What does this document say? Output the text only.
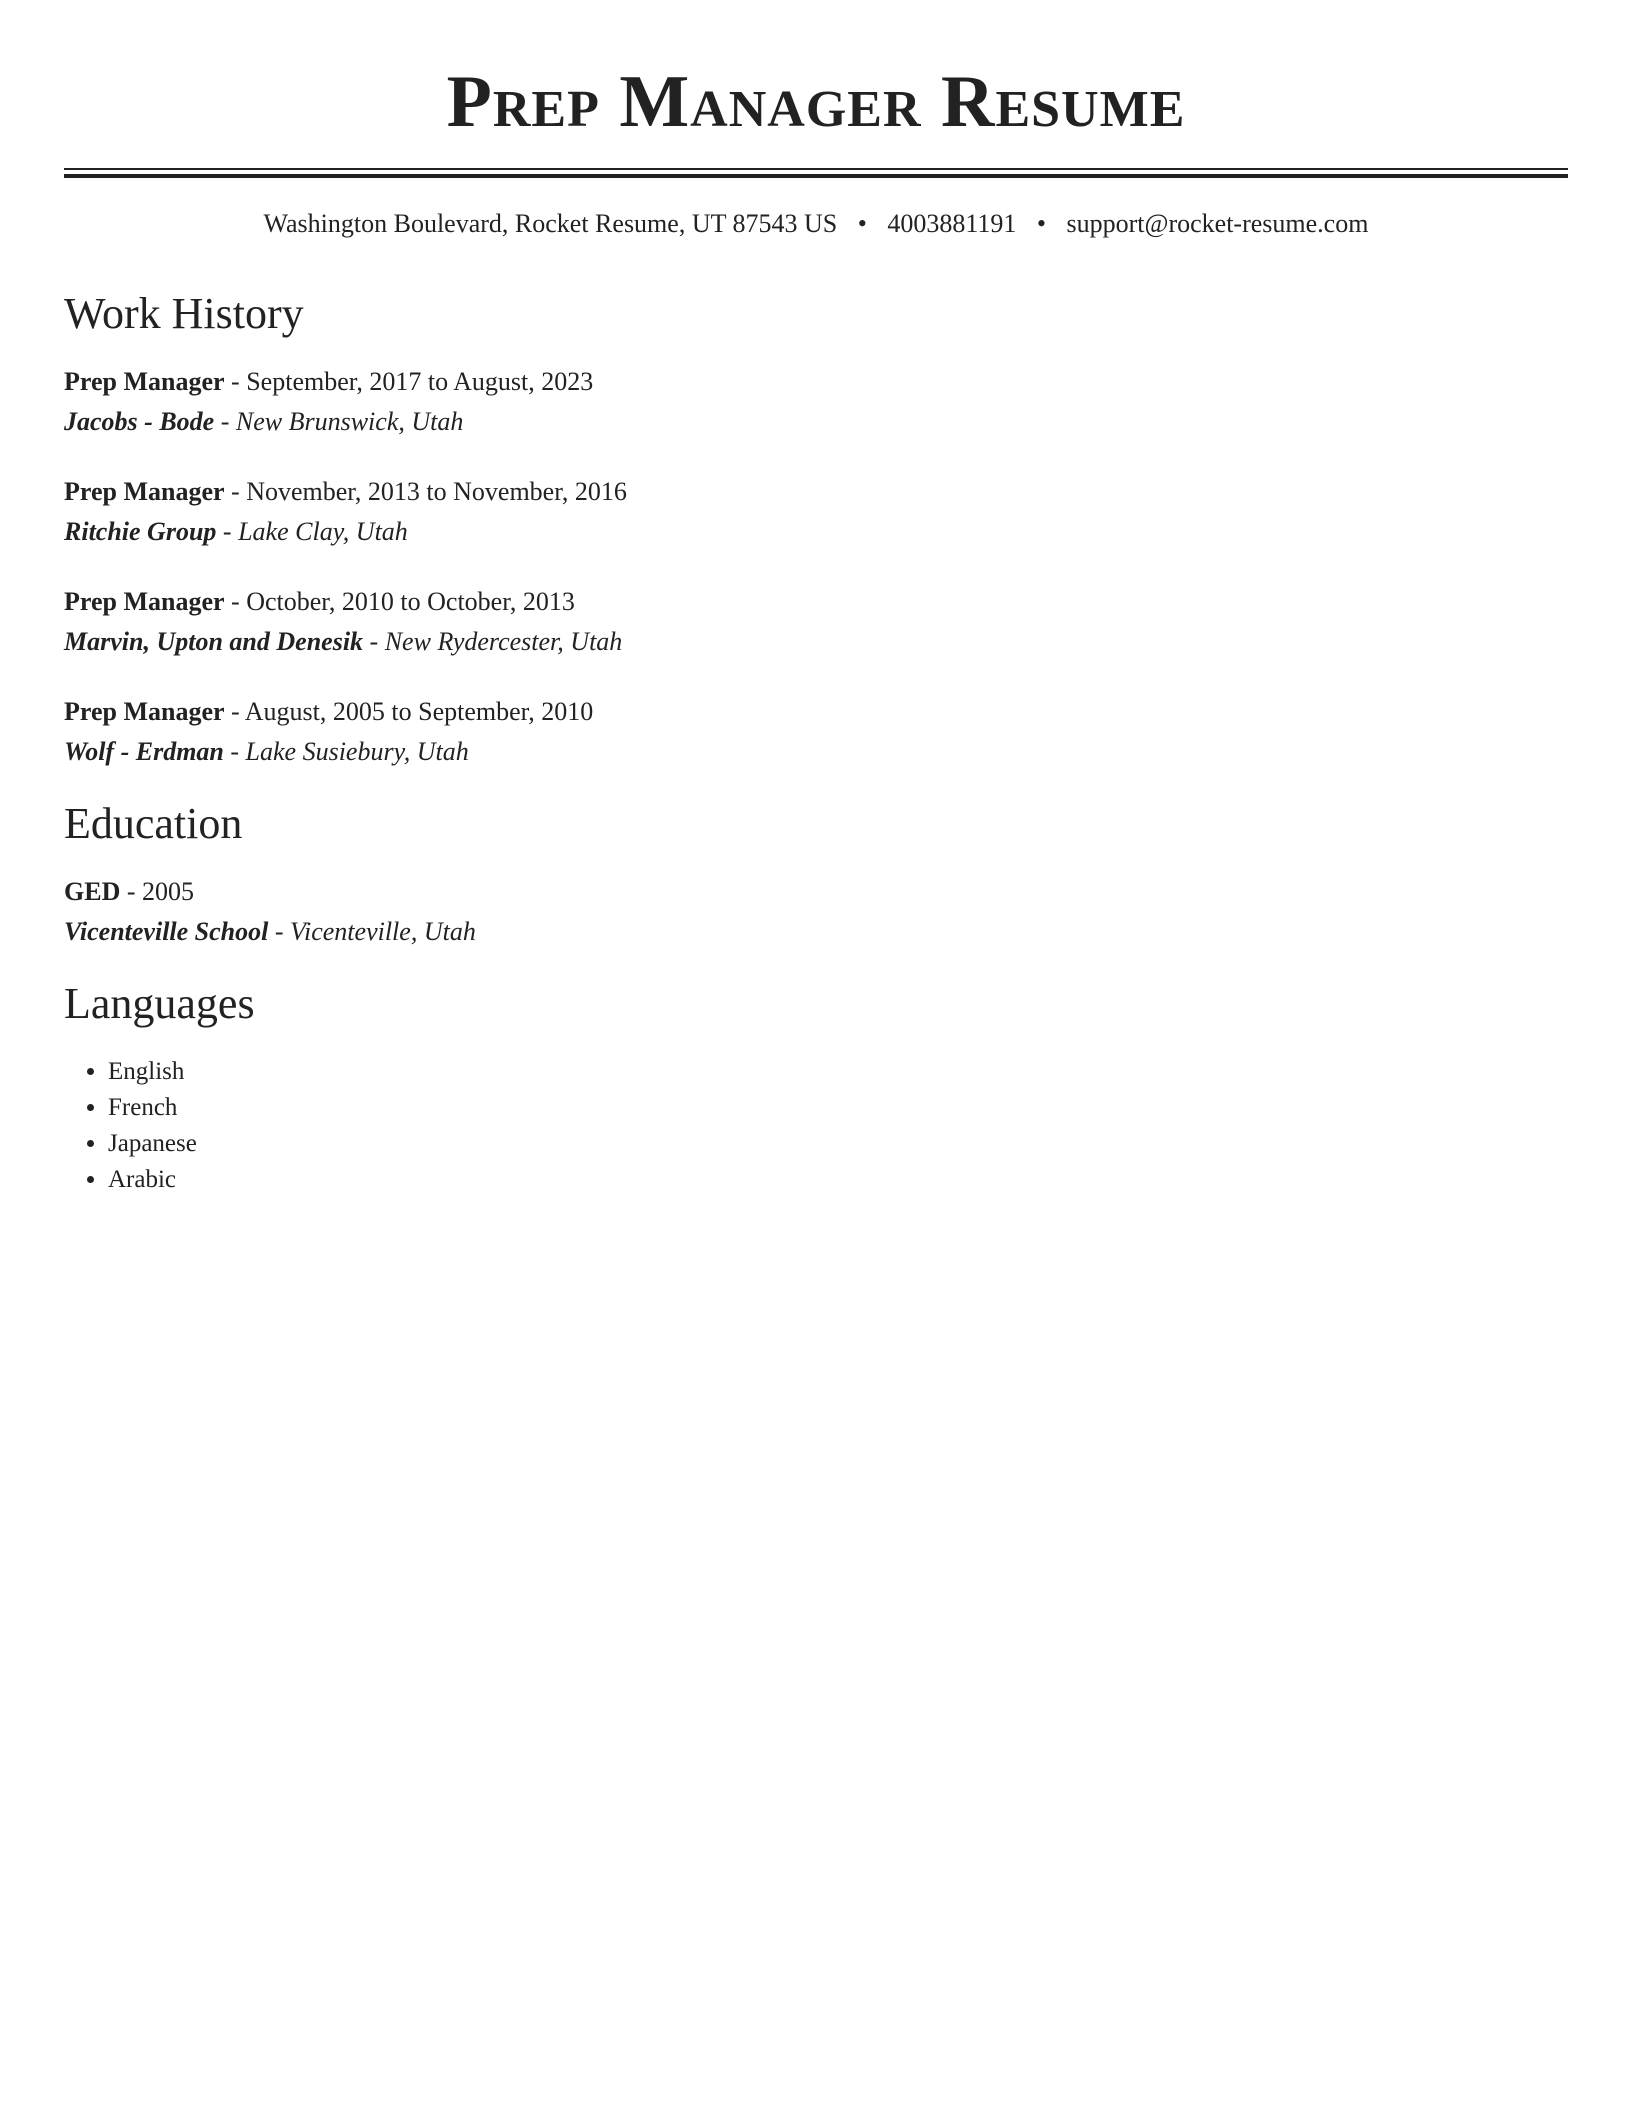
Prep Manager Resume
Washington Boulevard, Rocket Resume, UT 87543 US • 4003881191 • support@rocket-resume.com
Work History
Prep Manager - September, 2017 to August, 2023
Jacobs - Bode - New Brunswick, Utah
Prep Manager - November, 2013 to November, 2016
Ritchie Group - Lake Clay, Utah
Prep Manager - October, 2010 to October, 2013
Marvin, Upton and Denesik - New Rydercester, Utah
Prep Manager - August, 2005 to September, 2010
Wolf - Erdman - Lake Susiebury, Utah
Education
GED - 2005
Vicenteville School - Vicenteville, Utah
Languages
• English
• French
• Japanese
• Arabic
